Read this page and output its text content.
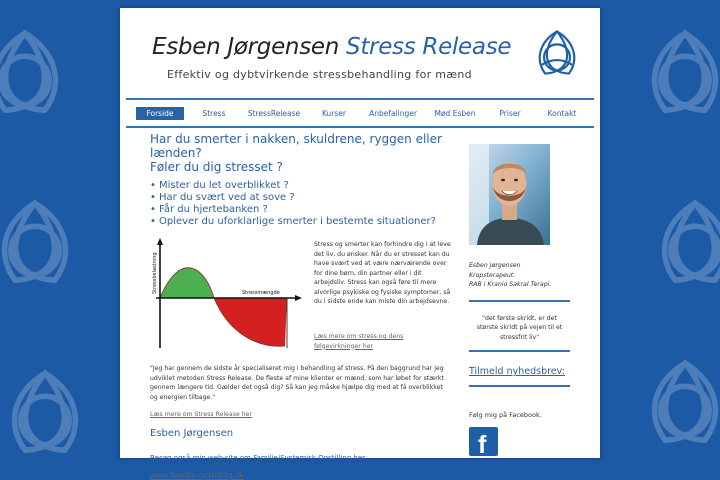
Esben Jørgensen Stress Release
Effektiv og dybtvirkende stressbehandling for mænd
Forside	Stress	StressRelease	Kurser	Anbefalinger	Mød Esben	Priser	Kontakt
Har du smerter i nakken, skuldrene, ryggen eller lænden?
Føler du dig stresset ?
• Mister du let overblikket ?
• Har du svært ved at sove ?
• Får du hjertebanken ?
• Oplever du uforklarlige smerter i bestemte situationer?
Stressbelastning	Stressmængde

Stress og smerter kan forhindre dig i at leve det liv, du ønsker. Når du er stresset kan du have svært ved at være nærværende over for dine børn, din partner eller i dit arbejdsliv. Stress kan også føre til mere alvorlige psykiske og fysiske symptomer, så du i sidste ende kan miste din arbejdsevne.

Læs mere om stress og dens følgevirkninger her

"Jeg har gennem de sidste år specialiseret mig i behandling af stress. På den baggrund har jeg udviklet metoden Stress Release. De fleste af mine klienter er mænd, som har løbet for stærkt gennem længere tid. Gælder det også dig? Så kan jeg måske hjælpe dig med at få overblikket og energien tilbage."

Læs mere om Stress Release her
Esben Jørgensen
Besøg også min web-site om Familie/Systemisk Opstilling her:
www.familie-opstilling.dk
Esben Jørgensen
Kropsterapeut.
RAB i Kranio Sakral Terapi.
"det første skridt, er det største skridt på vejen til et stressfrit liv"
Tilmeld nyhedsbrev:
Følg mig på Facebook.
f
